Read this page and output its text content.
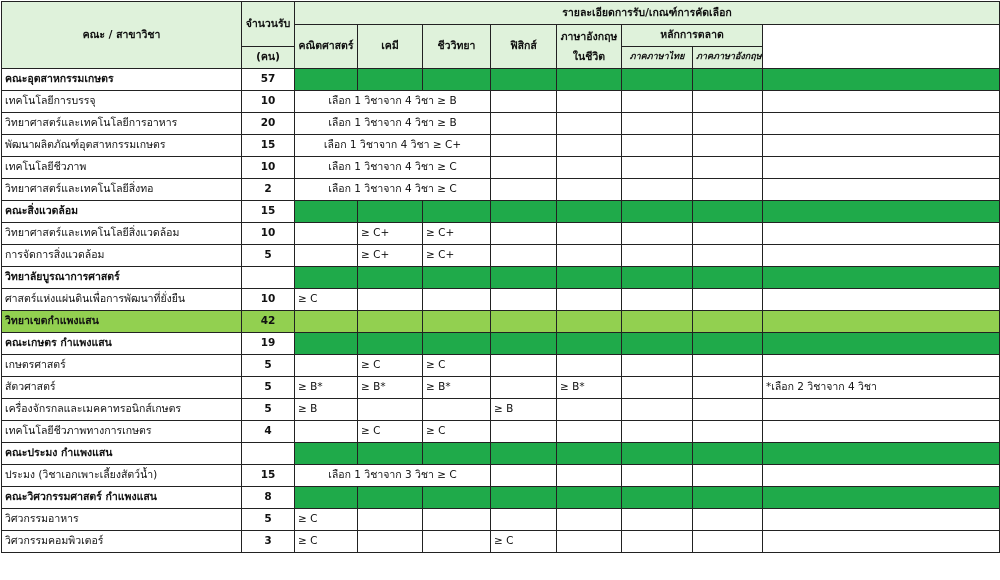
คณะ / สาขาวิชา	จำนวนรับ	รายละเอียดการรับ/เกณฑ์การคัดเลือก	
		คณิตศาสตร์	เคมี	ชีววิทยา	ฟิสิกส์	ภาษาอังกฤษในชีวิต	หลักการตลาด			
	(คน)						ภาคภาษาไทย	ภาคภาษาอังกฤษ		
คณะอุตสาหกรรมเกษตร	57									
เทคโนโลยีการบรรจุ	10	เลือก 1 วิชาจาก 4 วิชา ≥ B								
วิทยาศาสตร์และเทคโนโลยีการอาหาร	20	เลือก 1 วิชาจาก 4 วิชา ≥ B								
พัฒนาผลิตภัณฑ์อุตสาหกรรมเกษตร	15	เลือก 1 วิชาจาก 4 วิชา ≥ C+								
เทคโนโลยีชีวภาพ	10	เลือก 1 วิชาจาก 4 วิชา ≥ C								
วิทยาศาสตร์และเทคโนโลยีสิ่งทอ	2	เลือก 1 วิชาจาก 4 วิชา ≥ C								
คณะสิ่งแวดล้อม	15									
วิทยาศาสตร์และเทคโนโลยีสิ่งแวดล้อม	10		≥ C+	≥ C+						
การจัดการสิ่งแวดล้อม	5		≥ C+	≥ C+						
วิทยาลัยบูรณาการศาสตร์										
ศาสตร์แห่งแผ่นดินเพื่อการพัฒนาที่ยั่งยืน	10	≥ C								
วิทยาเขตกำแพงแสน	42									
คณะเกษตร กำแพงแสน	19									
เกษตรศาสตร์	5		≥ C	≥ C						
สัตวศาสตร์	5	≥ B*	≥ B*	≥ B*		≥ B*			*เลือก 2 วิชาจาก 4 วิชา	
เครื่องจักรกลและเมคคาทรอนิกส์เกษตร	5	≥ B			≥ B					
เทคโนโลยีชีวภาพทางการเกษตร	4		≥ C	≥ C						
คณะประมง กำแพงแสน										
ประมง (วิชาเอกเพาะเลี้ยงสัตว์น้ำ)	15	เลือก 1 วิชาจาก 3 วิชา ≥ C								
คณะวิศวกรรมศาสตร์ กำแพงแสน	8									
วิศวกรรมอาหาร	5	≥ C								
วิศวกรรมคอมพิวเตอร์	3	≥ C			≥ C					
